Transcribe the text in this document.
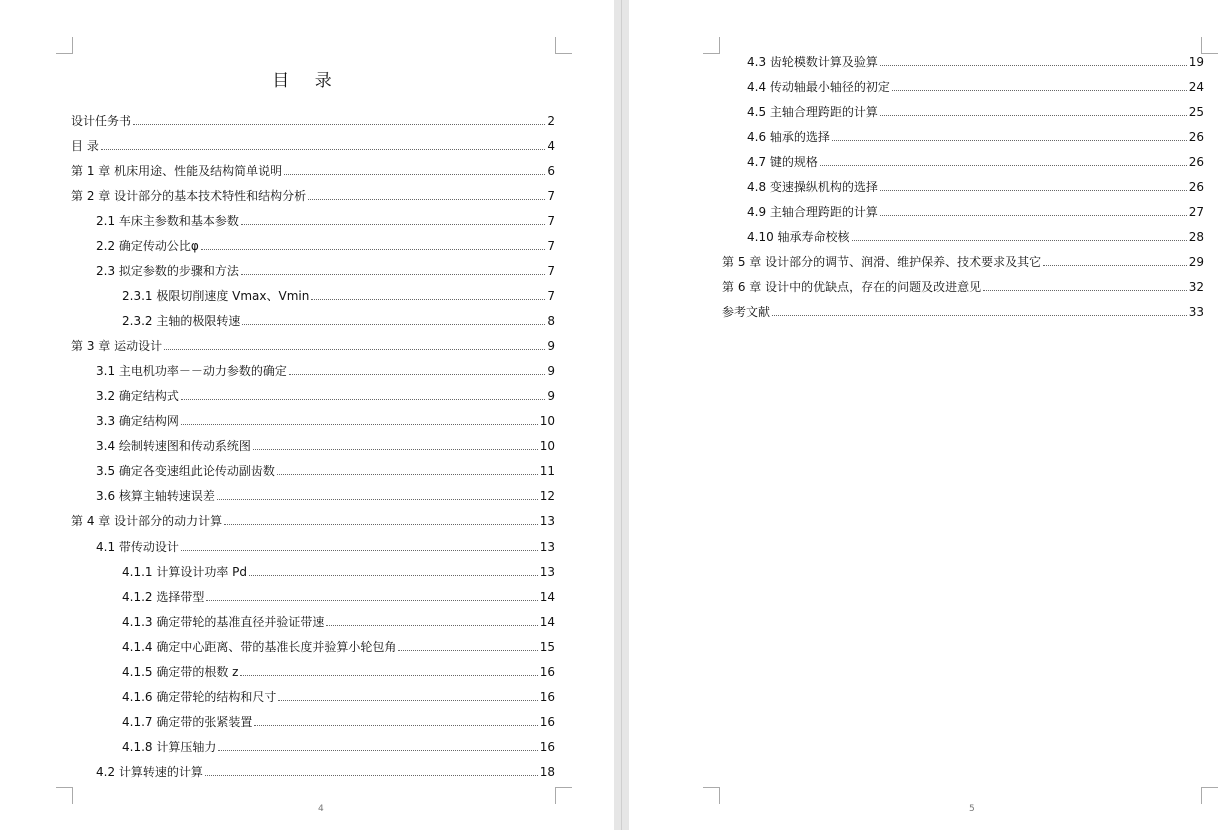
目 录
设计任务书	2
目 录	4
第 1 章 机床用途、性能及结构简单说明	6
第 2 章 设计部分的基本技术特性和结构分析	7
2.1 车床主参数和基本参数	7
2.2 确定传动公比φ	7
2.3 拟定参数的步骤和方法	7
2.3.1 极限切削速度 Vmax、Vmin	7
2.3.2 主轴的极限转速	8
第 3 章 运动设计	9
3.1 主电机功率－－动力参数的确定	9
3.2 确定结构式	9
3.3 确定结构网	10
3.4 绘制转速图和传动系统图	10
3.5 确定各变速组此论传动副齿数	11
3.6 核算主轴转速误差	12
第 4 章 设计部分的动力计算	13
4.1 带传动设计	13
4.1.1 计算设计功率 Pd	13
4.1.2 选择带型	14
4.1.3 确定带轮的基准直径并验证带速	14
4.1.4 确定中心距离、带的基准长度并验算小轮包角	15
4.1.5 确定带的根数 z	16
4.1.6 确定带轮的结构和尺寸	16
4.1.7 确定带的张紧装置	16
4.1.8 计算压轴力	16
4.2 计算转速的计算	18
4
4.3 齿轮模数计算及验算	19
4.4 传动轴最小轴径的初定	24
4.5 主轴合理跨距的计算	25
4.6 轴承的选择	26
4.7 键的规格	26
4.8 变速操纵机构的选择	26
4.9 主轴合理跨距的计算	27
4.10 轴承寿命校核	28
第 5 章 设计部分的调节、润滑、维护保养、技术要求及其它	29
第 6 章 设计中的优缺点，存在的问题及改进意见	32
参考文献	33
5
